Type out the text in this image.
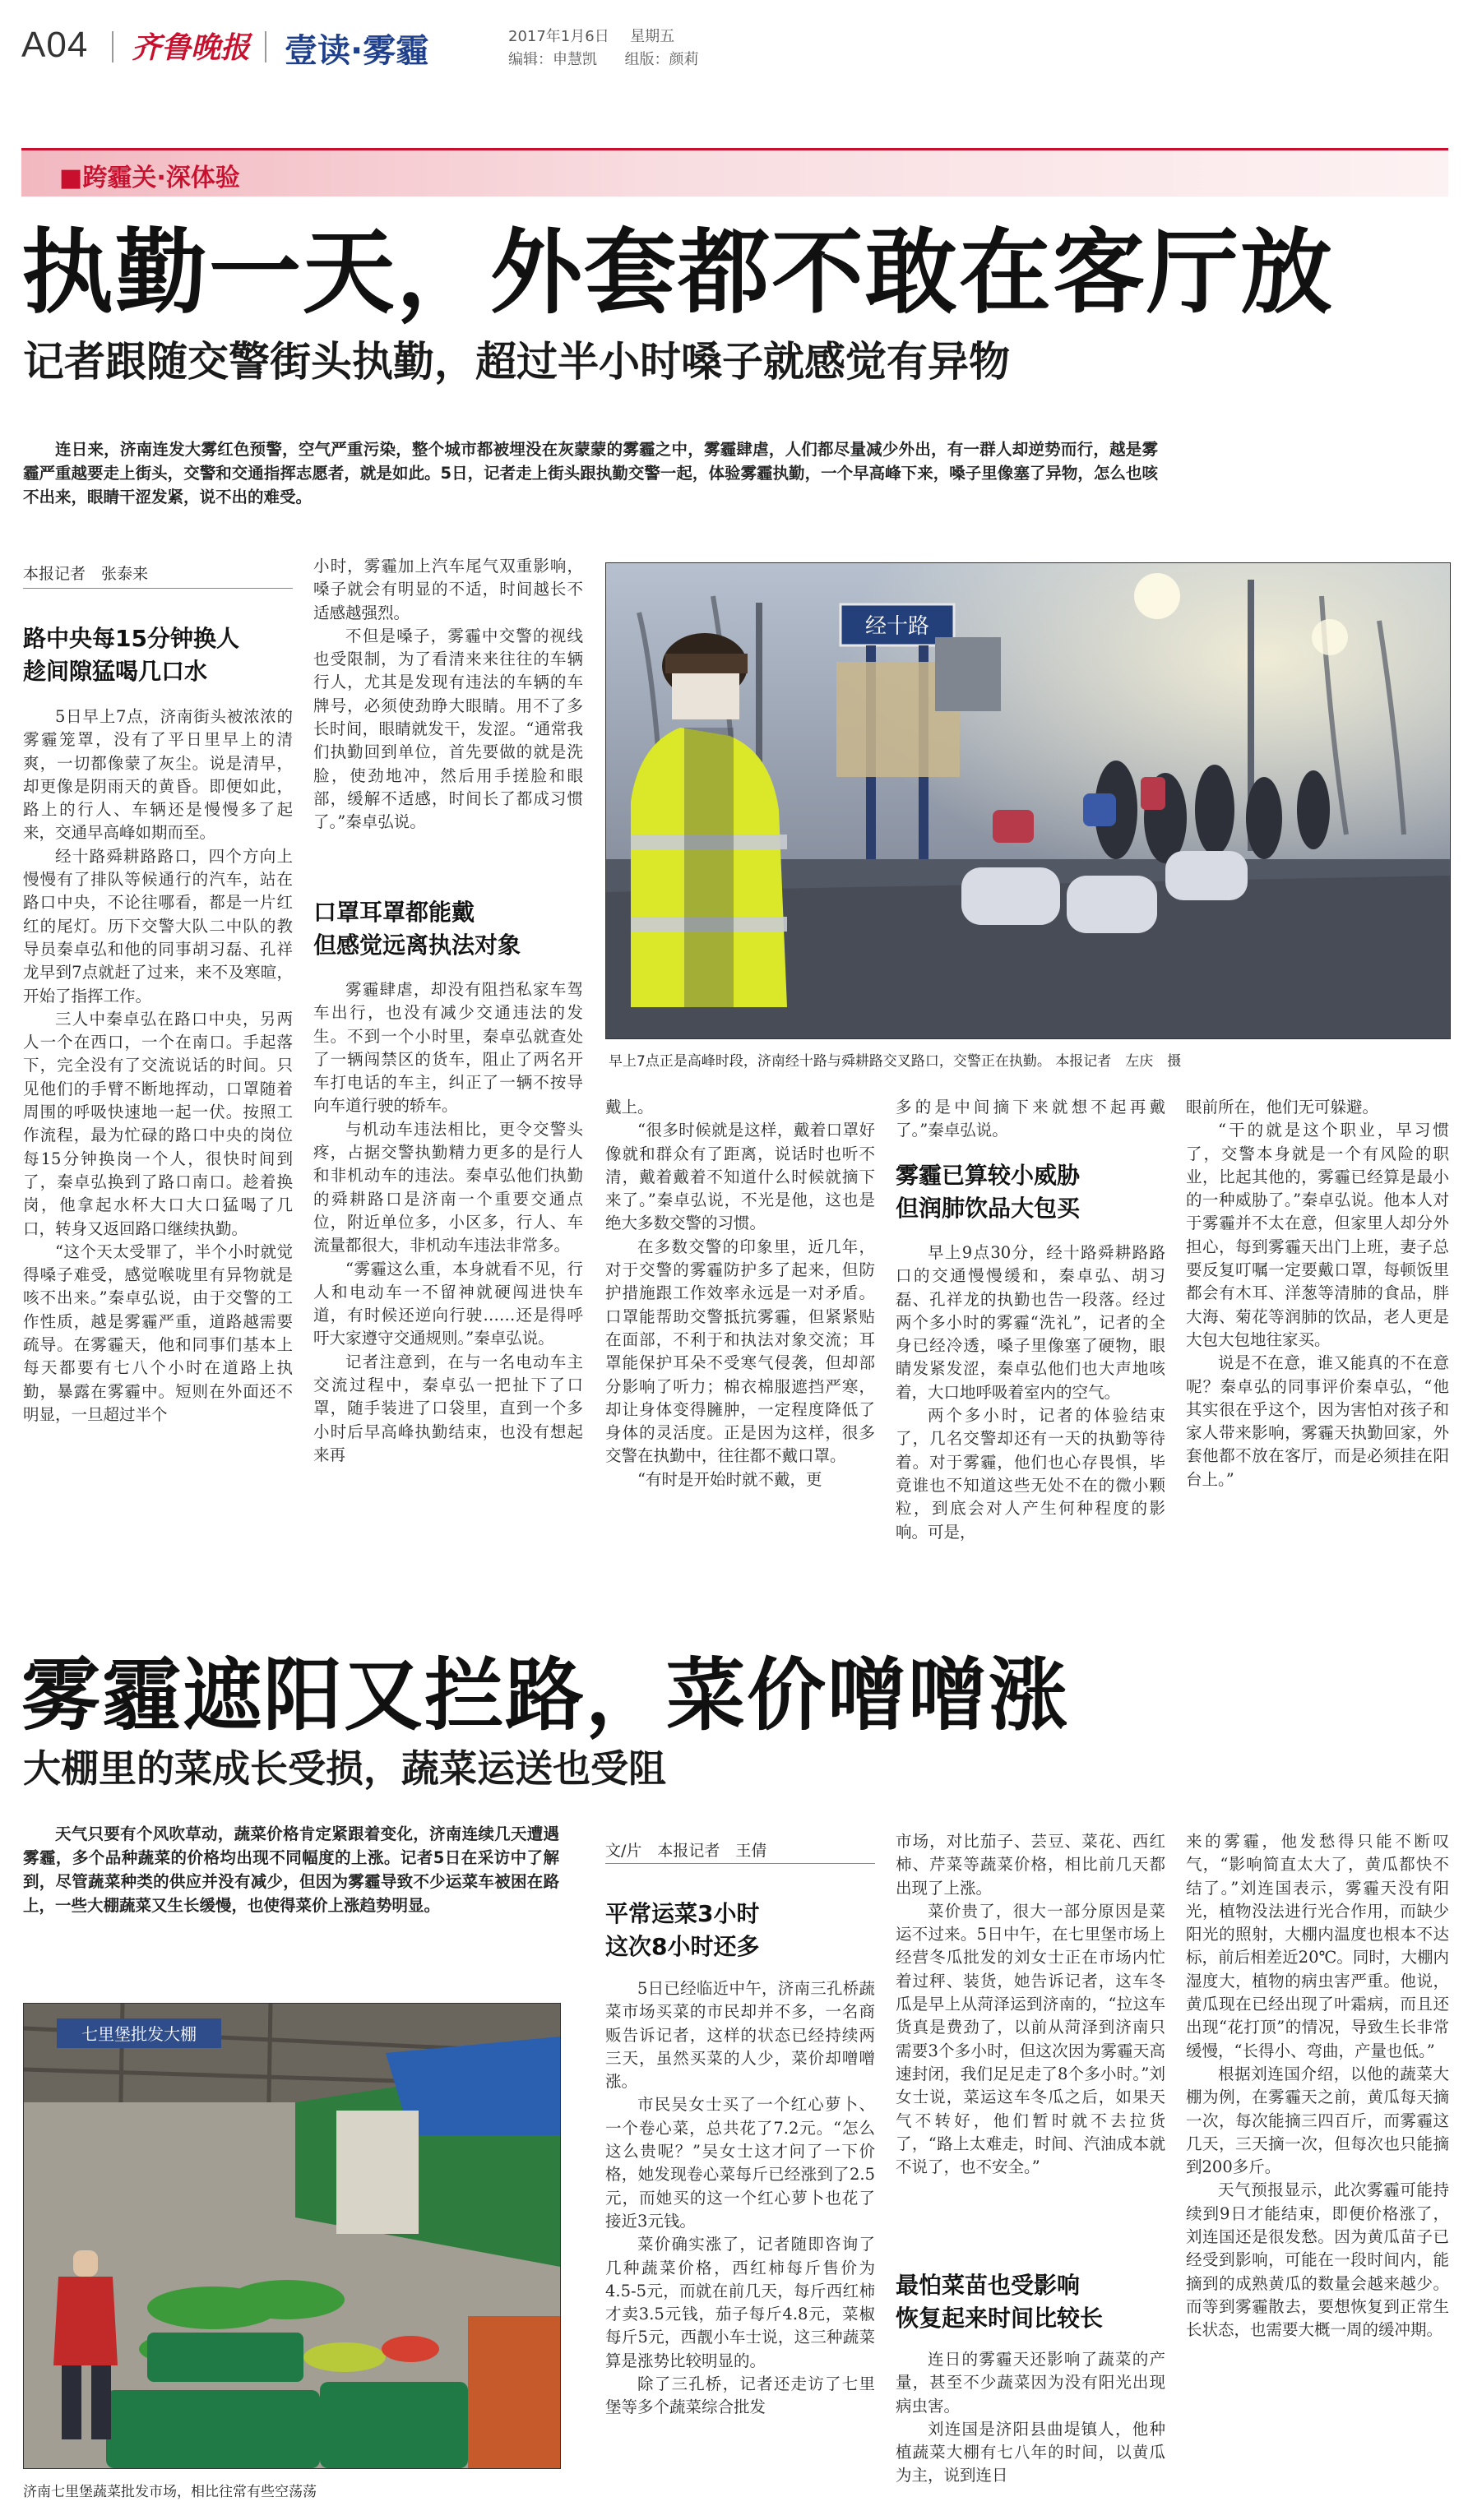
A04 齐鲁晚报 壹读·雾霾	2017年1月6日 星期五
编辑：申慧凯 组版：颜莉
■跨霾关·深体验
执勤一天，外套都不敢在客厅放
记者跟随交警街头执勤，超过半小时嗓子就感觉有异物

连日来，济南连发大雾红色预警，空气严重污染，整个城市都被埋没在灰蒙蒙的雾霾之中，雾霾肆虐，人们都尽量减少外出，有一群人却逆势而行，越是雾霾严重越要走上街头，交警和交通指挥志愿者，就是如此。5日，记者走上街头跟执勤交警一起，体验雾霾执勤，一个早高峰下来，嗓子里像塞了异物，怎么也咳不出来，眼睛干涩发紧，说不出的难受。

本报记者　张泰来
路中央每15分钟换人
趁间隙猛喝几口水

5日早上7点，济南街头被浓浓的雾霾笼罩，没有了平日里早上的清爽，一切都像蒙了灰尘。说是清早，却更像是阴雨天的黄昏。即便如此，路上的行人、车辆还是慢慢多了起来，交通早高峰如期而至。

经十路舜耕路路口，四个方向上慢慢有了排队等候通行的汽车，站在路口中央，不论往哪看，都是一片红红的尾灯。历下交警大队二中队的教导员秦卓弘和他的同事胡习磊、孔祥龙早到7点就赶了过来，来不及寒暄，开始了指挥工作。

三人中秦卓弘在路口中央，另两人一个在西口，一个在南口。手起落下，完全没有了交流说话的时间。只见他们的手臂不断地挥动，口罩随着周围的呼吸快速地一起一伏。按照工作流程，最为忙碌的路口中央的岗位每15分钟换岗一个人，很快时间到了，秦卓弘换到了路口南口。趁着换岗，他拿起水杯大口大口猛喝了几口，转身又返回路口继续执勤。

“这个天太受罪了，半个小时就觉得嗓子难受，感觉喉咙里有异物就是咳不出来。”秦卓弘说，由于交警的工作性质，越是雾霾严重，道路越需要疏导。在雾霾天，他和同事们基本上每天都要有七八个小时在道路上执勤，暴露在雾霾中。短则在外面还不明显，一旦超过半个

小时，雾霾加上汽车尾气双重影响，嗓子就会有明显的不适，时间越长不适感越强烈。

不但是嗓子，雾霾中交警的视线也受限制，为了看清来来往往的车辆行人，尤其是发现有违法的车辆的车牌号，必须使劲睁大眼睛。用不了多长时间，眼睛就发干，发涩。“通常我们执勤回到单位，首先要做的就是洗脸，使劲地冲，然后用手搓脸和眼部，缓解不适感，时间长了都成习惯了。”秦卓弘说。

口罩耳罩都能戴
但感觉远离执法对象

雾霾肆虐，却没有阻挡私家车驾车出行，也没有减少交通违法的发生。不到一个小时里，秦卓弘就查处了一辆闯禁区的货车，阻止了两名开车打电话的车主，纠正了一辆不按导向车道行驶的轿车。

与机动车违法相比，更令交警头疼，占据交警执勤精力更多的是行人和非机动车的违法。秦卓弘他们执勤的舜耕路口是济南一个重要交通点位，附近单位多，小区多，行人、车流量都很大，非机动车违法非常多。

“雾霾这么重，本身就看不见，行人和电动车一不留神就硬闯进快车道，有时候还逆向行驶……还是得呼吁大家遵守交通规则。”秦卓弘说。

记者注意到，在与一名电动车主交流过程中，秦卓弘一把扯下了口罩，随手装进了口袋里，直到一个多小时后早高峰执勤结束，也没有想起来再

经十路
早上7点正是高峰时段，济南经十路与舜耕路交叉路口，交警正在执勤。 本报记者　左庆　摄

戴上。

“很多时候就是这样，戴着口罩好像就和群众有了距离，说话时也听不清，戴着戴着不知道什么时候就摘下来了。”秦卓弘说，不光是他，这也是绝大多数交警的习惯。

在多数交警的印象里，近几年，对于交警的雾霾防护多了起来，但防护措施跟工作效率永远是一对矛盾。口罩能帮助交警抵抗雾霾，但紧紧贴在面部，不利于和执法对象交流；耳罩能保护耳朵不受寒气侵袭，但却部分影响了听力；棉衣棉服遮挡严寒，却让身体变得臃肿，一定程度降低了身体的灵活度。正是因为这样，很多交警在执勤中，往往都不戴口罩。

“有时是开始时就不戴，更

多的是中间摘下来就想不起再戴了。”秦卓弘说。

雾霾已算较小威胁
但润肺饮品大包买

早上9点30分，经十路舜耕路路口的交通慢慢缓和，秦卓弘、胡习磊、孔祥龙的执勤也告一段落。经过两个多小时的雾霾“洗礼”，记者的全身已经冷透，嗓子里像塞了硬物，眼睛发紧发涩，秦卓弘他们也大声地咳着，大口地呼吸着室内的空气。

两个多小时，记者的体验结束了，几名交警却还有一天的执勤等待着。对于雾霾，他们也心存畏惧，毕竟谁也不知道这些无处不在的微小颗粒，到底会对人产生何种程度的影响。可是，

眼前所在，他们无可躲避。

“干的就是这个职业，早习惯了，交警本身就是一个有风险的职业，比起其他的，雾霾已经算是最小的一种威胁了。”秦卓弘说。他本人对于雾霾并不太在意，但家里人却分外担心，每到雾霾天出门上班，妻子总要反复叮嘱一定要戴口罩，每顿饭里都会有木耳、洋葱等清肺的食品，胖大海、菊花等润肺的饮品，老人更是大包大包地往家买。

说是不在意，谁又能真的不在意呢？秦卓弘的同事评价秦卓弘，“他其实很在乎这个，因为害怕对孩子和家人带来影响，雾霾天执勤回家，外套他都不放在客厅，而是必须挂在阳台上。”

雾霾遮阳又拦路，菜价噌噌涨
大棚里的菜成长受损，蔬菜运送也受阻

天气只要有个风吹草动，蔬菜价格肯定紧跟着变化，济南连续几天遭遇雾霾，多个品种蔬菜的价格均出现不同幅度的上涨。记者5日在采访中了解到，尽管蔬菜种类的供应并没有减少，但因为雾霾导致不少运菜车被困在路上，一些大棚蔬菜又生长缓慢，也使得菜价上涨趋势明显。

七里堡批发大棚
济南七里堡蔬菜批发市场，相比往常有些空荡荡
文/片　本报记者　王倩
平常运菜3小时
这次8小时还多

5日已经临近中午，济南三孔桥蔬菜市场买菜的市民却并不多，一名商贩告诉记者，这样的状态已经持续两三天，虽然买菜的人少，菜价却噌噌涨。

市民吴女士买了一个红心萝卜、一个卷心菜，总共花了7.2元。“怎么这么贵呢？”吴女士这才问了一下价格，她发现卷心菜每斤已经涨到了2.5元，而她买的这一个红心萝卜也花了接近3元钱。

菜价确实涨了，记者随即咨询了几种蔬菜价格，西红柿每斤售价为4.5-5元，而就在前几天，每斤西红柿才卖3.5元钱，茄子每斤4.8元，菜椒每斤5元，西靓小车士说，这三种蔬菜算是涨势比较明显的。

除了三孔桥，记者还走访了七里堡等多个蔬菜综合批发

市场，对比茄子、芸豆、菜花、西红柿、芹菜等蔬菜价格，相比前几天都出现了上涨。

菜价贵了，很大一部分原因是菜运不过来。5日中午，在七里堡市场上经营冬瓜批发的刘女士正在市场内忙着过秤、装货，她告诉记者，这车冬瓜是早上从菏泽运到济南的，“拉这车货真是费劲了，以前从菏泽到济南只需要3个多小时，但这次因为雾霾天高速封闭，我们足足走了8个多小时。”刘女士说，菜运这车冬瓜之后，如果天气不转好，他们暂时就不去拉货了，“路上太难走，时间、汽油成本就不说了，也不安全。”

最怕菜苗也受影响
恢复起来时间比较长

连日的雾霾天还影响了蔬菜的产量，甚至不少蔬菜因为没有阳光出现病虫害。

刘连国是济阳县曲堤镇人，他种植蔬菜大棚有七八年的时间，以黄瓜为主，说到连日

来的雾霾，他发愁得只能不断叹气，“影响简直太大了，黄瓜都快不结了。”刘连国表示，雾霾天没有阳光，植物没法进行光合作用，而缺少阳光的照射，大棚内温度也根本不达标，前后相差近20℃。同时，大棚内湿度大，植物的病虫害严重。他说，黄瓜现在已经出现了叶霜病，而且还出现“花打顶”的情况，导致生长非常缓慢，“长得小、弯曲，产量也低。”

根据刘连国介绍，以他的蔬菜大棚为例，在雾霾天之前，黄瓜每天摘一次，每次能摘三四百斤，而雾霾这几天，三天摘一次，但每次也只能摘到200多斤。

天气预报显示，此次雾霾可能持续到9日才能结束，即便价格涨了，刘连国还是很发愁。因为黄瓜苗子已经受到影响，可能在一段时间内，能摘到的成熟黄瓜的数量会越来越少。而等到雾霾散去，要想恢复到正常生长状态，也需要大概一周的缓冲期。
